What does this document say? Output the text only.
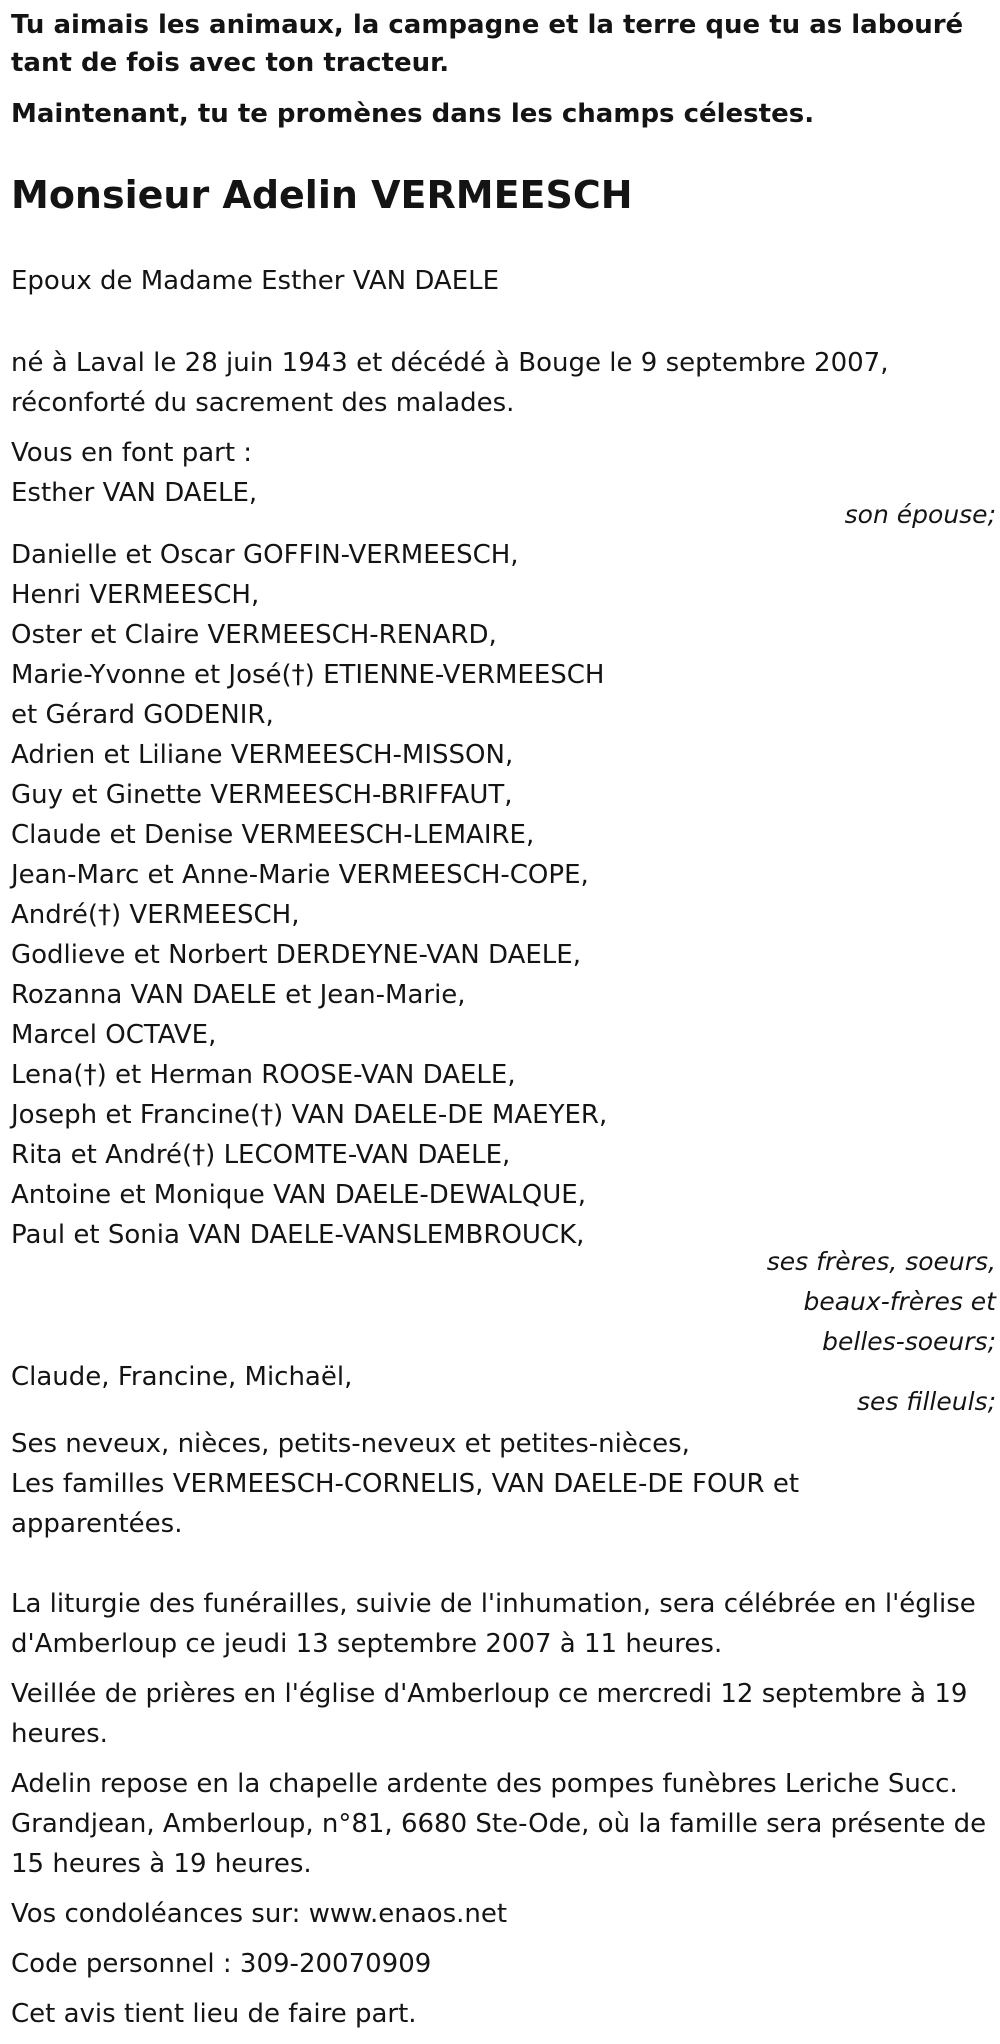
Tu aimais les animaux, la campagne et la terre que tu as labouré tant de fois avec ton tracteur.

Maintenant, tu te promènes dans les champs célestes.

Monsieur Adelin VERMEESCH

Epoux de Madame Esther VAN DAELE

né à Laval le 28 juin 1943 et décédé à Bouge le 9 septembre 2007,

réconforté du sacrement des malades.

Vous en font part :

Esther VAN DAELE,

son épouse;
Danielle et Oscar GOFFIN-VERMEESCH,
Henri VERMEESCH,
Oster et Claire VERMEESCH-RENARD,
Marie-Yvonne et José(†) ETIENNE-VERMEESCH
et Gérard GODENIR,
Adrien et Liliane VERMEESCH-MISSON,
Guy et Ginette VERMEESCH-BRIFFAUT,
Claude et Denise VERMEESCH-LEMAIRE,
Jean-Marc et Anne-Marie VERMEESCH-COPE,
André(†) VERMEESCH,
Godlieve et Norbert DERDEYNE-VAN DAELE,
Rozanna VAN DAELE et Jean-Marie,
Marcel OCTAVE,
Lena(†) et Herman ROOSE-VAN DAELE,
Joseph et Francine(†) VAN DAELE-DE MAEYER,
Rita et André(†) LECOMTE-VAN DAELE,
Antoine et Monique VAN DAELE-DEWALQUE,
Paul et Sonia VAN DAELE-VANSLEMBROUCK,
ses frères, soeurs,
beaux-frères et
belles-soeurs;

Claude, Francine, Michaël,

ses filleuls;

Ses neveux, nièces, petits-neveux et petites-nièces,

Les familles VERMEESCH-CORNELIS, VAN DAELE-DE FOUR et

apparentées.

La liturgie des funérailles, suivie de l'inhumation, sera célébrée en l'église

d'Amberloup ce jeudi 13 septembre 2007 à 11 heures.

Veillée de prières en l'église d'Amberloup ce mercredi 12 septembre à 19

heures.

Adelin repose en la chapelle ardente des pompes funèbres Leriche Succ.

Grandjean, Amberloup, n°81, 6680 Ste-Ode, où la famille sera présente de

15 heures à 19 heures.

Vos condoléances sur: www.enaos.net

Code personnel : 309-20070909

Cet avis tient lieu de faire part.
